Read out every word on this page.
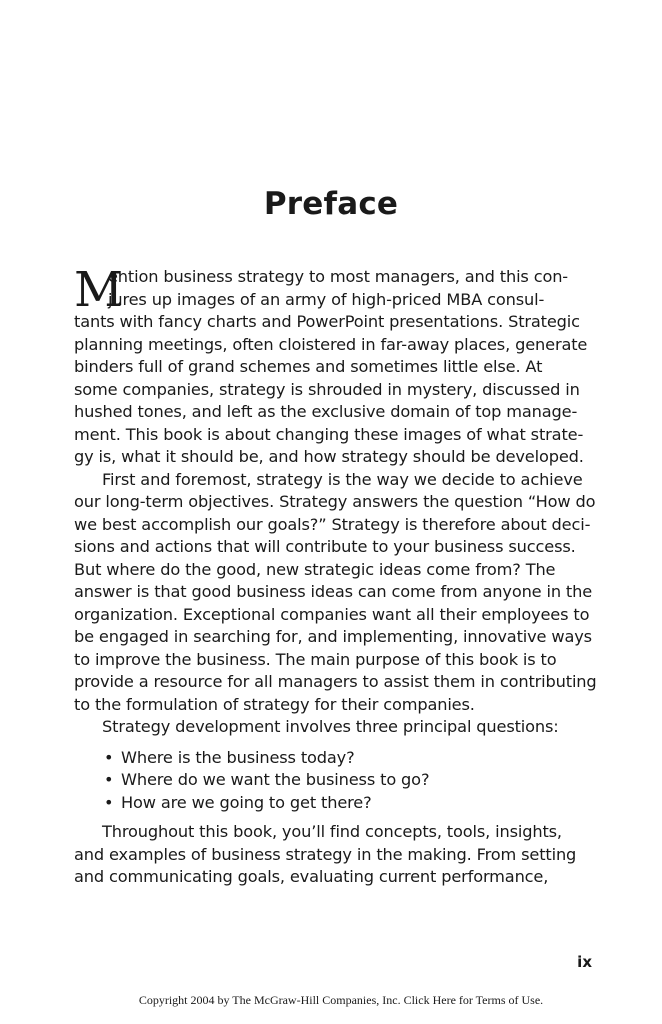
Preface
M
ention business strategy to most managers, and this con-
jures up images of an army of high-priced MBA consul-
tants with fancy charts and PowerPoint presentations. Strategic
planning meetings, often cloistered in far-away places, generate
binders full of grand schemes and sometimes little else. At
some companies, strategy is shrouded in mystery, discussed in
hushed tones, and left as the exclusive domain of top manage-
ment. This book is about changing these images of what strate-
gy is, what it should be, and how strategy should be developed.
First and foremost, strategy is the way we decide to achieve
our long-term objectives. Strategy answers the question “How do
we best accomplish our goals?” Strategy is therefore about deci-
sions and actions that will contribute to your business success.
But where do the good, new strategic ideas come from? The
answer is that good business ideas can come from anyone in the
organization. Exceptional companies want all their employees to
be engaged in searching for, and implementing, innovative ways
to improve the business. The main purpose of this book is to
provide a resource for all managers to assist them in contributing
to the formulation of strategy for their companies.
Strategy development involves three principal questions:
• Where is the business today?
• Where do we want the business to go?
• How are we going to get there?
Throughout this book, you’ll find concepts, tools, insights,
and examples of business strategy in the making. From setting
and communicating goals, evaluating current performance,
ix
Copyright 2004 by The McGraw-Hill Companies, Inc. Click Here for Terms of Use.
